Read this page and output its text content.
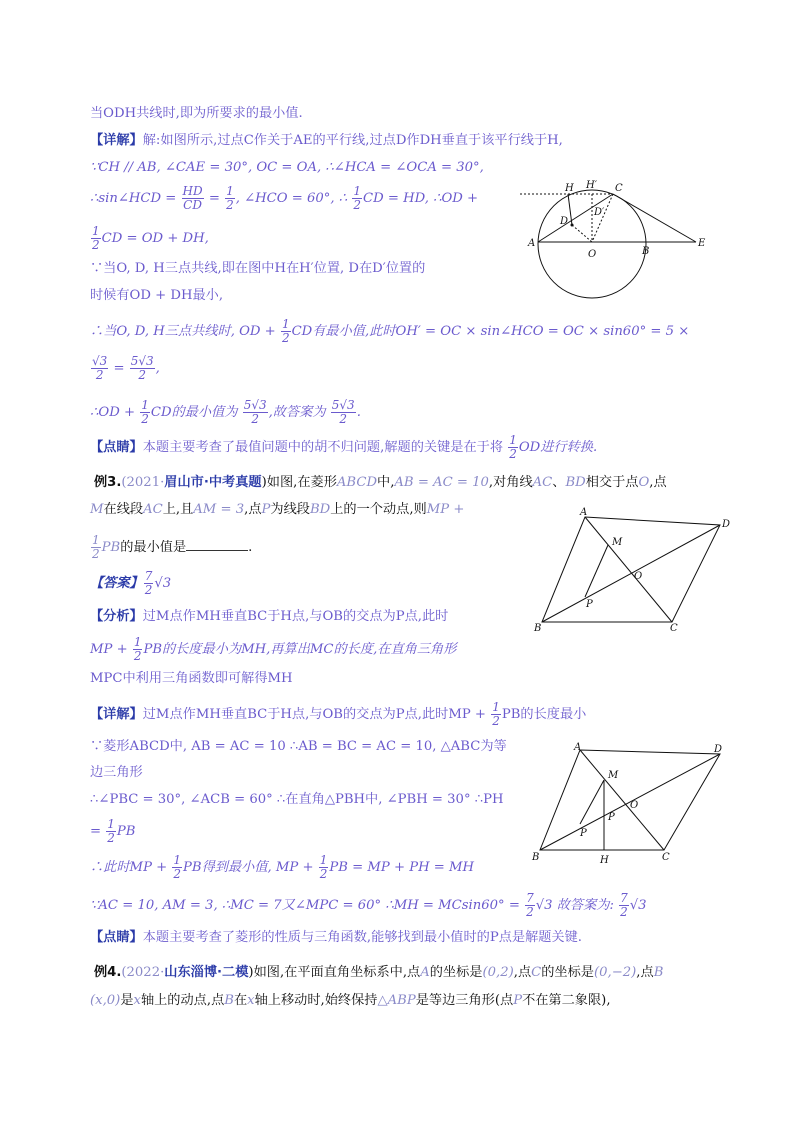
当ODH共线时,即为所要求的最小值.
【详解】解:如图所示,过点C作关于AE的平行线,过点D作DH垂直于该平行线于H,
∵CH // AB, ∠CAE = 30°, OC = OA, ∴∠HCA = ∠OCA = 30°,
∴sin∠HCD = $\frac{HD}{CD} = \frac{1}{2}$ , ∠HCO = 60°, ∴ $\frac{1}{2}$ CD = HD, ∴OD +
$\frac{1}{2}$ CD = OD + DH,
∵当O, D, H三点共线,即在图中H在H′位置, D在D′位置的
时候有OD + DH最小,
∴当O, D, H三点共线时, OD + $\frac{1}{2}$ CD有最小值,此时OH′ = OC × sin∠HCO = OC × sin60° = 5 ×
$\frac{√3}{2} = \frac{5√3}{2}$ ,
∴OD + $\frac{1}{2}$ CD的最小值为 $\frac{5√3}{2}$ ,故答案为 $\frac{5√3}{2}$ .
【点睛】本题主要考查了最值问题中的胡不归问题,解题的关键是在于将 $\frac{1}{2}$ OD进行转换.
例3.(2021·眉山市·中考真题)如图,在菱形ABCD中,AB = AC = 10,对角线AC、BD相交于点O,点
M在线段AC上,且AM = 3,点P为线段BD上的一个动点,则MP +
$\frac{1}{2}$ PB的最小值是	.
【答案】 $\frac{7}{2} √3$
【分析】过M点作MH垂直BC于H点,与OB的交点为P点,此时
MP + $\frac{1}{2}$ PB的长度最小为MH,再算出MC的长度,在直角三角形
MPC中利用三角函数即可解得MH
【详解】过M点作MH垂直BC于H点,与OB的交点为P点,此时MP + $\frac{1}{2}$ PB的长度最小
∵菱形ABCD中, AB = AC = 10 ∴AB = BC = AC = 10, △ABC为等
边三角形
∴∠PBC = 30°, ∠ACB = 60° ∴在直角△PBH中, ∠PBH = 30° ∴PH
= $\frac{1}{2}$ PB
∴此时MP + $\frac{1}{2}$ PB得到最小值, MP + $\frac{1}{2}$ PB = MP + PH = MH
∵AC = 10, AM = 3, ∴MC = 7又∠MPC = 60° ∴MH = $MCsin60^\circ = \frac{7}{2} √3$ 故答案为: $\frac{7}{2} √3$
【点睛】本题主要考查了菱形的性质与三角函数,能够找到最小值时的P点是解题关键.
例4.(2022·山东淄博·二模)如图,在平面直角坐标系中,点A的坐标是(0,2),点C的坐标是(0,−2),点B
(x,0)是x轴上的动点,点B在x轴上移动时,始终保持△ABP是等边三角形(点P不在第二象限),
H H′ C
D
D′
A
O	B
E
A
D
M
O
P
B	C
A	D
M
O
P
P
B	C
H
